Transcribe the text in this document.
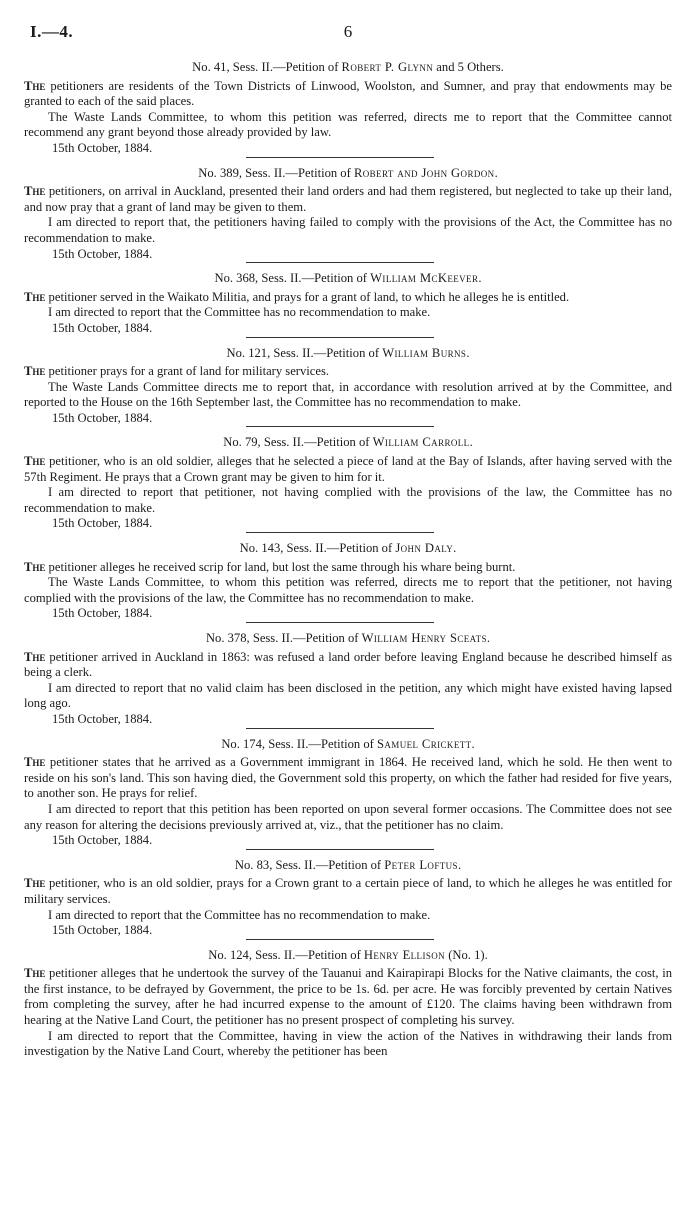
I.—4.	6

No. 41, Sess. II.—Petition of Robert P. Glynn and 5 Others.

The petitioners are residents of the Town Districts of Linwood, Woolston, and Sumner, and pray that endowments may be granted to each of the said places.

The Waste Lands Committee, to whom this petition was referred, directs me to report that the Committee cannot recommend any grant beyond those already provided by law.

15th October, 1884.

No. 389, Sess. II.—Petition of Robert and John Gordon.

The petitioners, on arrival in Auckland, presented their land orders and had them registered, but neglected to take up their land, and now pray that a grant of land may be given to them.

I am directed to report that, the petitioners having failed to comply with the provisions of the Act, the Committee has no recommendation to make.

15th October, 1884.

No. 368, Sess. II.—Petition of William McKeever.

The petitioner served in the Waikato Militia, and prays for a grant of land, to which he alleges he is entitled.

I am directed to report that the Committee has no recommendation to make.

15th October, 1884.

No. 121, Sess. II.—Petition of William Burns.

The petitioner prays for a grant of land for military services.

The Waste Lands Committee directs me to report that, in accordance with resolution arrived at by the Committee, and reported to the House on the 16th September last, the Committee has no recommendation to make.

15th October, 1884.

No. 79, Sess. II.—Petition of William Carroll.

The petitioner, who is an old soldier, alleges that he selected a piece of land at the Bay of Islands, after having served with the 57th Regiment. He prays that a Crown grant may be given to him for it.

I am directed to report that petitioner, not having complied with the provisions of the law, the Committee has no recommendation to make.

15th October, 1884.

No. 143, Sess. II.—Petition of John Daly.

The petitioner alleges he received scrip for land, but lost the same through his whare being burnt.

The Waste Lands Committee, to whom this petition was referred, directs me to report that the petitioner, not having complied with the provisions of the law, the Committee has no recommendation to make.

15th October, 1884.

No. 378, Sess. II.—Petition of William Henry Sceats.

The petitioner arrived in Auckland in 1863: was refused a land order before leaving England because he described himself as being a clerk.

I am directed to report that no valid claim has been disclosed in the petition, any which might have existed having lapsed long ago.

15th October, 1884.

No. 174, Sess. II.—Petition of Samuel Crickett.

The petitioner states that he arrived as a Government immigrant in 1864. He received land, which he sold. He then went to reside on his son's land. This son having died, the Government sold this property, on which the father had resided for five years, to another son. He prays for relief.

I am directed to report that this petition has been reported on upon several former occasions. The Committee does not see any reason for altering the decisions previously arrived at, viz., that the petitioner has no claim.

15th October, 1884.

No. 83, Sess. II.—Petition of Peter Loftus.

The petitioner, who is an old soldier, prays for a Crown grant to a certain piece of land, to which he alleges he was entitled for military services.

I am directed to report that the Committee has no recommendation to make.

15th October, 1884.

No. 124, Sess. II.—Petition of Henry Ellison (No. 1).

The petitioner alleges that he undertook the survey of the Tauanui and Kairapirapi Blocks for the Native claimants, the cost, in the first instance, to be defrayed by Government, the price to be 1s. 6d. per acre. He was forcibly prevented by certain Natives from completing the survey, after he had incurred expense to the amount of £120. The claims having been withdrawn from hearing at the Native Land Court, the petitioner has no present prospect of completing his survey.

I am directed to report that the Committee, having in view the action of the Natives in withdrawing their lands from investigation by the Native Land Court, whereby the petitioner has been
